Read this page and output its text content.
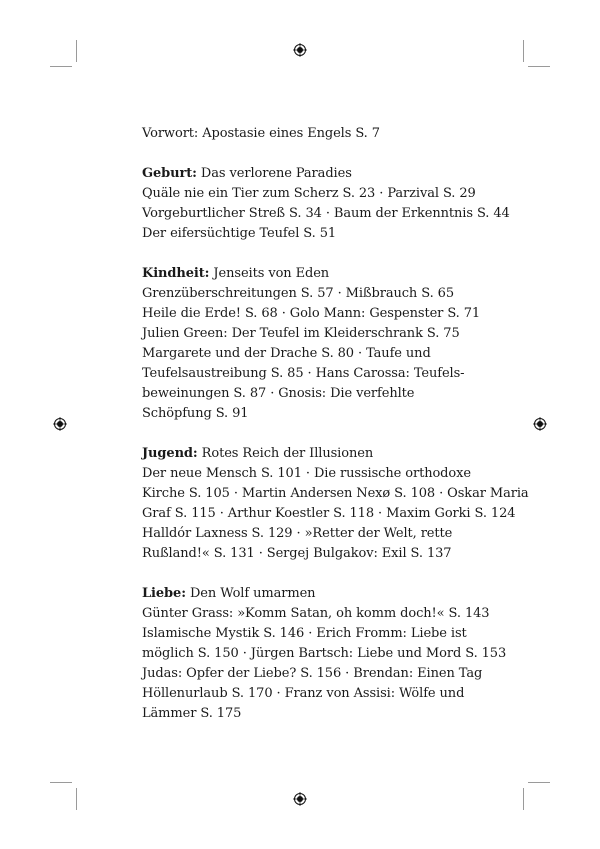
Vorwort: Apostasie eines Engels S. 7

Geburt: Das verlorene Paradies

Quäle nie ein Tier zum Scherz S. 23 · Parzival S. 29

Vorgeburtlicher Streß S. 34 · Baum der Erkenntnis S. 44

Der eifersüchtige Teufel S. 51

Kindheit: Jenseits von Eden

Grenzüberschreitungen S. 57 · Mißbrauch S. 65

Heile die Erde! S. 68 · Golo Mann: Gespenster S. 71

Julien Green: Der Teufel im Kleiderschrank S. 75

Margarete und der Drache S. 80 · Taufe und

Teufelsaustreibung S. 85 · Hans Carossa: Teufels-

beweinungen S. 87 · Gnosis: Die verfehlte

Schöpfung S. 91

Jugend: Rotes Reich der Illusionen

Der neue Mensch S. 101 · Die russische orthodoxe

Kirche S. 105 · Martin Andersen Nexø S. 108 · Oskar Maria

Graf S. 115 · Arthur Koestler S. 118 · Maxim Gorki S. 124

Halldór Laxness S. 129 · »Retter der Welt, rette

Rußland!« S. 131 · Sergej Bulgakov: Exil S. 137

Liebe: Den Wolf umarmen

Günter Grass: »Komm Satan, oh komm doch!« S. 143

Islamische Mystik S. 146 · Erich Fromm: Liebe ist

möglich S. 150 · Jürgen Bartsch: Liebe und Mord S. 153

Judas: Opfer der Liebe? S. 156 · Brendan: Einen Tag

Höllenurlaub S. 170 · Franz von Assisi: Wölfe und

Lämmer S. 175
